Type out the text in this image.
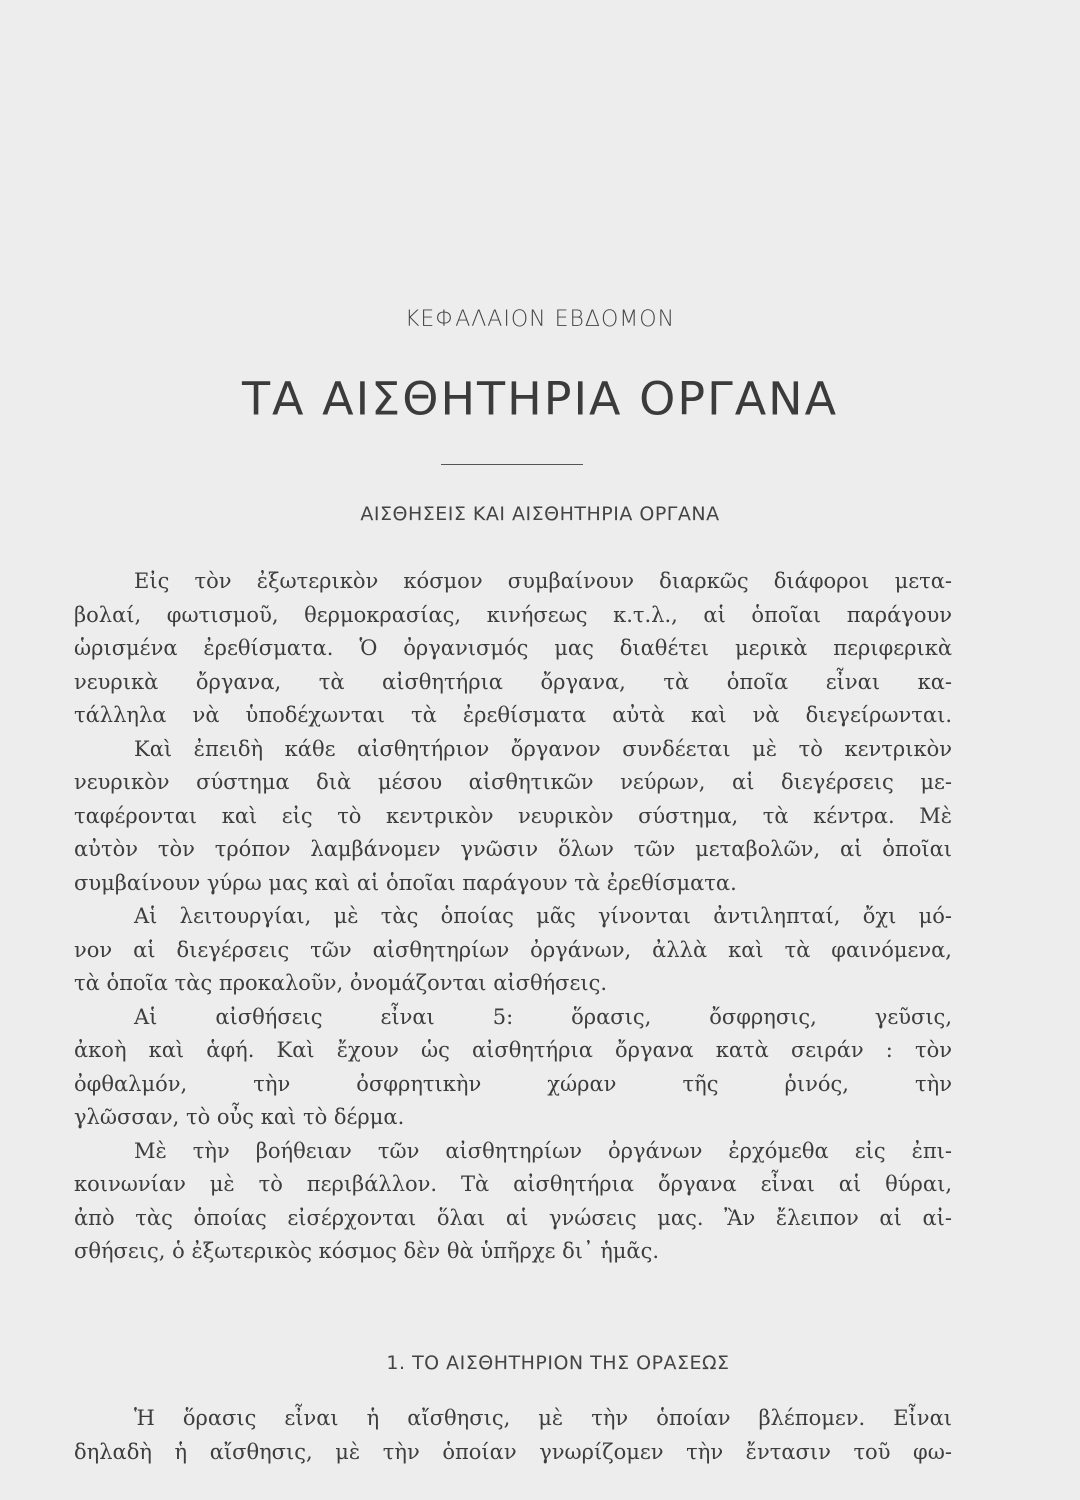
ΚΕΦΑΛΑΙΟΝ ΕΒΔΟΜΟΝ
ΤΑ ΑΙΣΘΗΤΗΡΙΑ ΟΡΓΑΝΑ
ΑΙΣΘΗΣΕΙΣ ΚΑΙ ΑΙΣΘΗΤΗΡΙΑ ΟΡΓΑΝΑ
Εἰς τὸν ἐξωτερικὸν κόσμον συμβαίνουν διαρκῶς διάφοροι μετα-
βολαί, φωτισμοῦ, θερμοκρασίας, κινήσεως κ.τ.λ., αἱ ὁποῖαι παράγουν
ὡρισμένα ἐρεθίσματα. Ὁ ὀργανισμός μας διαθέτει μερικὰ περιφερικὰ
νευρικὰ ὄργανα, τὰ αἰσθητήρια ὄργανα, τὰ ὁποῖα εἶναι κα-
τάλληλα νὰ ὑποδέχωνται τὰ ἐρεθίσματα αὐτὰ καὶ νὰ διεγείρωνται.
Καὶ ἐπειδὴ κάθε αἰσθητήριον ὄργανον συνδέεται μὲ τὸ κεντρικὸν
νευρικὸν σύστημα διὰ μέσου αἰσθητικῶν νεύρων, αἱ διεγέρσεις με-
ταφέρονται καὶ εἰς τὸ κεντρικὸν νευρικὸν σύστημα, τὰ κέντρα. Μὲ
αὐτὸν τὸν τρόπον λαμβάνομεν γνῶσιν ὅλων τῶν μεταβολῶν, αἱ ὁποῖαι
συμβαίνουν γύρω μας καὶ αἱ ὁποῖαι παράγουν τὰ ἐρεθίσματα.
Αἱ λειτουργίαι, μὲ τὰς ὁποίας μᾶς γίνονται ἀντιληπταί, ὄχι μό-
νον αἱ διεγέρσεις τῶν αἰσθητηρίων ὀργάνων, ἀλλὰ καὶ τὰ φαινόμενα,
τὰ ὁποῖα τὰς προκαλοῦν, ὀνομάζονται αἰσθήσεις.
Αἱ αἰσθήσεις εἶναι 5: ὅρασις, ὄσφρησις, γεῦσις,
ἀκοὴ καὶ ἁφή. Καὶ ἔχουν ὡς αἰσθητήρια ὄργανα κατὰ σειράν : τὸν
ὀφθαλμόν, τὴν ὀσφρητικὴν χώραν τῆς ῥινός, τὴν
γλῶσσαν, τὸ οὖς καὶ τὸ δέρμα.
Μὲ τὴν βοήθειαν τῶν αἰσθητηρίων ὀργάνων ἐρχόμεθα εἰς ἐπι-
κοινωνίαν μὲ τὸ περιβάλλον. Τὰ αἰσθητήρια ὄργανα εἶναι αἱ θύραι,
ἀπὸ τὰς ὁποίας εἰσέρχονται ὅλαι αἱ γνώσεις μας. Ἂν ἔλειπον αἱ αἰ-
σθήσεις, ὁ ἐξωτερικὸς κόσμος δὲν θὰ ὑπῆρχε δι᾽ ἡμᾶς.
1. ΤΟ ΑΙΣΘΗΤΗΡΙΟΝ ΤΗΣ ΟΡΑΣΕΩΣ
Ἡ ὅρασις εἶναι ἡ αἴσθησις, μὲ τὴν ὁποίαν βλέπομεν. Εἶναι
δηλαδὴ ἡ αἴσθησις, μὲ τὴν ὁποίαν γνωρίζομεν τὴν ἔντασιν τοῦ φω-
